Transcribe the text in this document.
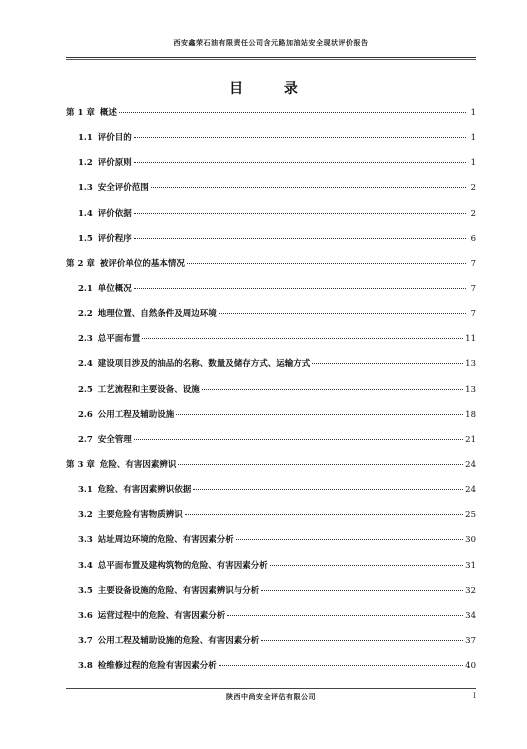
西安鑫荣石油有限责任公司含元路加油站安全现状评价报告
目 录
第 1 章 概述	1
1.1 评价目的	1
1.2 评价原则	1
1.3 安全评价范围	2
1.4 评价依据	2
1.5 评价程序	6
第 2 章 被评价单位的基本情况	7
2.1 单位概况	7
2.2 地理位置、自然条件及周边环境	7
2.3 总平面布置	11
2.4 建设项目涉及的油品的名称、数量及储存方式、运输方式	13
2.5 工艺流程和主要设备、设施	13
2.6 公用工程及辅助设施	18
2.7 安全管理	21
第 3 章 危险、有害因素辨识	24
3.1 危险、有害因素辨识依据	24
3.2 主要危险有害物质辨识	25
3.3 站址周边环境的危险、有害因素分析	30
3.4 总平面布置及建构筑物的危险、有害因素分析	31
3.5 主要设备设施的危险、有害因素辨识与分析	32
3.6 运营过程中的危险、有害因素分析	34
3.7 公用工程及辅助设施的危险、有害因素分析	37
3.8 检维修过程的危险有害因素分析	40
陕西中尚安全评估有限公司	I
